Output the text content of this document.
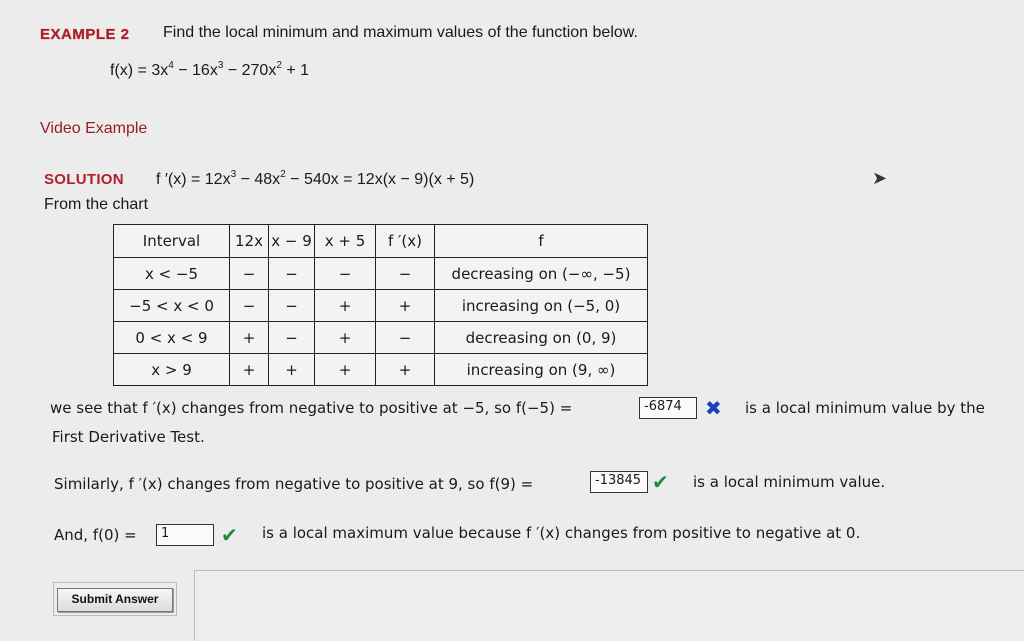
EXAMPLE 2 Find the local minimum and maximum values of the function below.
$f(x) = 3x^4 - 16x^3 - 270x^2 + 1$
Video Example
SOLUTION f $'(x) = 12x^3 - 48x^2 - 540x = 12x(x - 9)(x + 5)$
From the chart
➤
Interval	12x	x − 9	x + 5	f ′(x)	f
x < −5	−	−	−	−	decreasing on (−∞, −5)
−5 < x < 0	−	−	+	+	increasing on (−5, 0)
0 < x < 9	+	−	+	−	decreasing on (0, 9)
x > 9	+	+	+	+	increasing on (9, ∞)
we see that f ′(x) changes from negative to positive at −5, so f(−5) =	-6874	✖ is a local minimum value by the
First Derivative Test.
Similarly, f ′(x) changes from negative to positive at 9, so f(9) =	-13845 ✔ is a local minimum value.
And, f(0) =	1	✔ is a local maximum value because f ′(x) changes from positive to negative at 0.
Submit Answer
